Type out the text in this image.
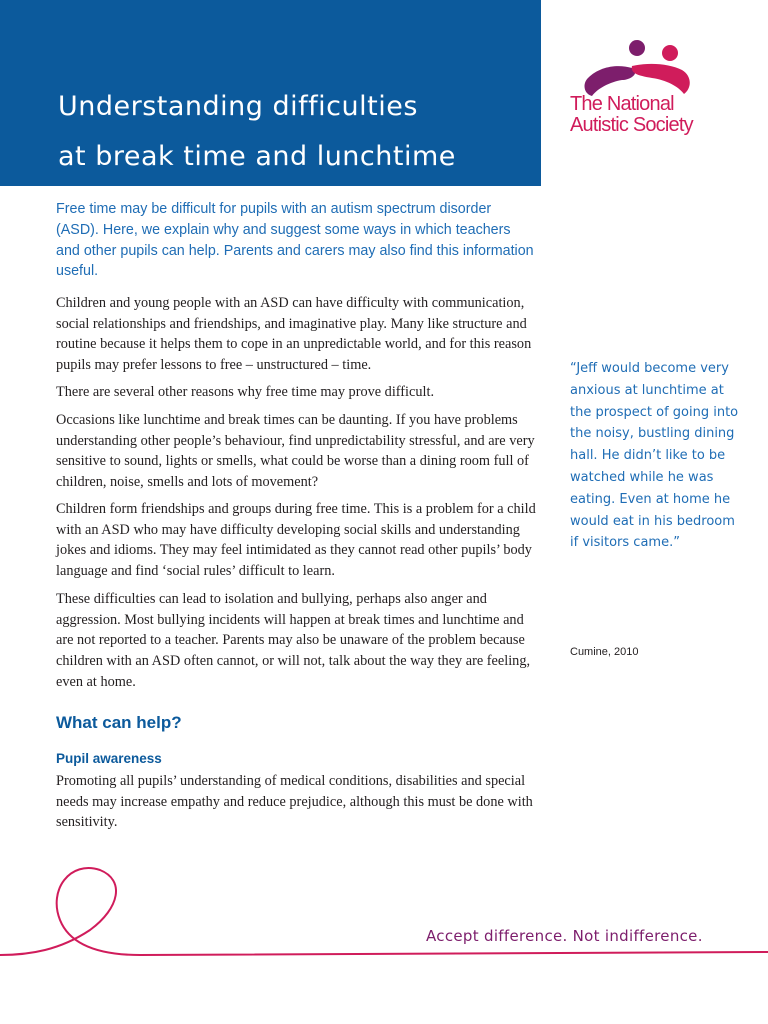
Understanding difficulties
at break time and lunchtime
The National
Autistic Society

Free time may be difficult for pupils with an autism spectrum disorder (ASD). Here, we explain why and suggest some ways in which teachers and other pupils can help. Parents and carers may also find this information useful.

Children and young people with an ASD can have difficulty with communication, social relationships and friendships, and imaginative play. Many like structure and routine because it helps them to cope in an unpredictable world, and for this reason pupils may prefer lessons to free – unstructured – time.

There are several other reasons why free time may prove difficult.

Occasions like lunchtime and break times can be daunting. If you have problems understanding other people’s behaviour, find unpredictability stressful, and are very sensitive to sound, lights or smells, what could be worse than a dining room full of children, noise, smells and lots of movement?

Children form friendships and groups during free time. This is a problem for a child with an ASD who may have difficulty developing social skills and understanding jokes and idioms. They may feel intimidated as they cannot read other pupils’ body language and find ‘social rules’ difficult to learn.

These difficulties can lead to isolation and bullying, perhaps also anger and aggression. Most bullying incidents will happen at break times and lunchtime and are not reported to a teacher. Parents may also be unaware of the problem because children with an ASD often cannot, or will not, talk about the way they are feeling, even at home.

What can help?
Pupil awareness

Promoting all pupils’ understanding of medical conditions, disabilities and special needs may increase empathy and reduce prejudice, although this must be done with sensitivity.

“Jeff would become very anxious at lunchtime at the prospect of going into the noisy, bustling dining hall. He didn’t like to be watched while he was eating. Even at home he would eat in his bedroom if visitors came.”

Cumine, 2010

Accept difference. Not indifference.
